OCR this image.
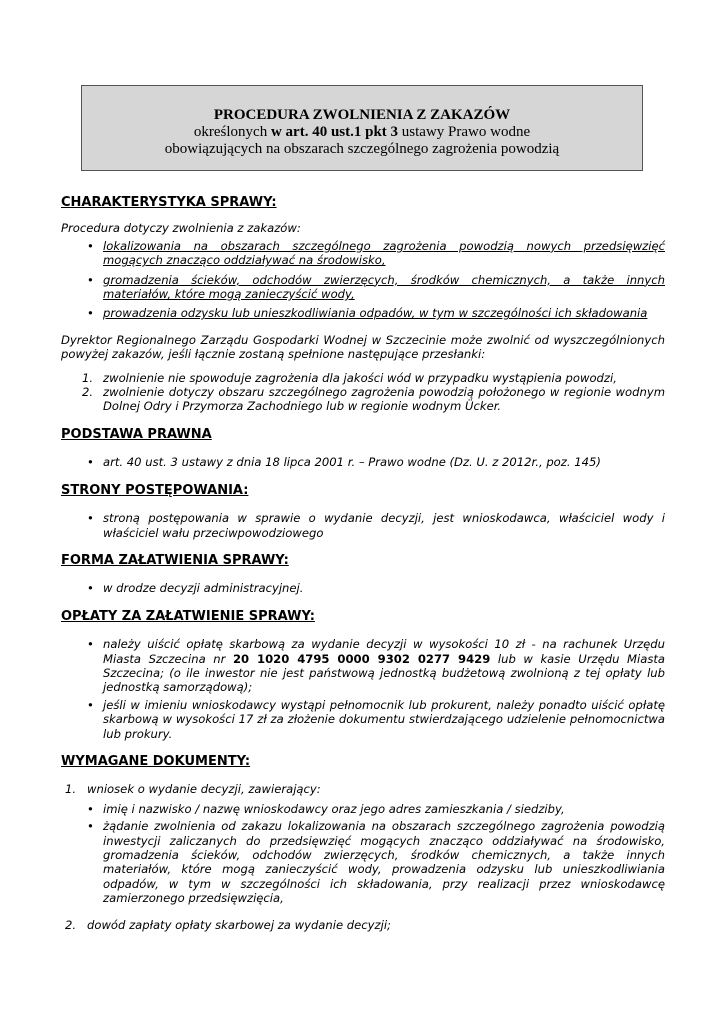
PROCEDURA ZWOLNIENIA Z ZAKAZÓW
określonych w art. 40 ust.1 pkt 3 ustawy Prawo wodne
obowiązujących na obszarach szczególnego zagrożenia powodzią
CHARAKTERYSTYKA SPRAWY:

Procedura dotyczy zwolnienia z zakazów:

• lokalizowania na obszarach szczególnego zagrożenia powodzią nowych przedsięwzięć mogących znacząco oddziaływać na środowisko,
• gromadzenia ścieków, odchodów zwierzęcych, środków chemicznych, a także innych materiałów, które mogą zanieczyścić wody,
• prowadzenia odzysku lub unieszkodliwiania odpadów, w tym w szczególności ich składowania

Dyrektor Regionalnego Zarządu Gospodarki Wodnej w Szczecinie może zwolnić od wyszczególnionych powyżej zakazów, jeśli łącznie zostaną spełnione następujące przesłanki:

1. zwolnienie nie spowoduje zagrożenia dla jakości wód w przypadku wystąpienia powodzi,
2. zwolnienie dotyczy obszaru szczególnego zagrożenia powodzią położonego w regionie wodnym Dolnej Odry i Przymorza Zachodniego lub w regionie wodnym Ücker.
PODSTAWA PRAWNA
• art. 40 ust. 3 ustawy z dnia 18 lipca 2001 r. – Prawo wodne (Dz. U. z 2012r., poz. 145)
STRONY POSTĘPOWANIA:
• stroną postępowania w sprawie o wydanie decyzji, jest wnioskodawca, właściciel wody i właściciel wału przeciwpowodziowego
FORMA ZAŁATWIENIA SPRAWY:
• w drodze decyzji administracyjnej.
OPŁATY ZA ZAŁATWIENIE SPRAWY:
• należy uiścić opłatę skarbową za wydanie decyzji w wysokości 10 zł - na rachunek Urzędu Miasta Szczecina nr 20 1020 4795 0000 9302 0277 9429 lub w kasie Urzędu Miasta Szczecina; (o ile inwestor nie jest państwową jednostką budżetową zwolnioną z tej opłaty lub jednostką samorządową);
• jeśli w imieniu wnioskodawcy wystąpi pełnomocnik lub prokurent, należy ponadto uiścić opłatę skarbową w wysokości 17 zł za złożenie dokumentu stwierdzającego udzielenie pełnomocnictwa lub prokury.
WYMAGANE DOKUMENTY:
1. wniosek o wydanie decyzji, zawierający:
• imię i nazwisko / nazwę wnioskodawcy oraz jego adres zamieszkania / siedziby,
• żądanie zwolnienia od zakazu lokalizowania na obszarach szczególnego zagrożenia powodzią inwestycji zaliczanych do przedsięwzięć mogących znacząco oddziaływać na środowisko, gromadzenia ścieków, odchodów zwierzęcych, środków chemicznych, a także innych materiałów, które mogą zanieczyścić wody, prowadzenia odzysku lub unieszkodliwiania odpadów, w tym w szczególności ich składowania, przy realizacji przez wnioskodawcę zamierzonego przedsięwzięcia,
2. dowód zapłaty opłaty skarbowej za wydanie decyzji;
